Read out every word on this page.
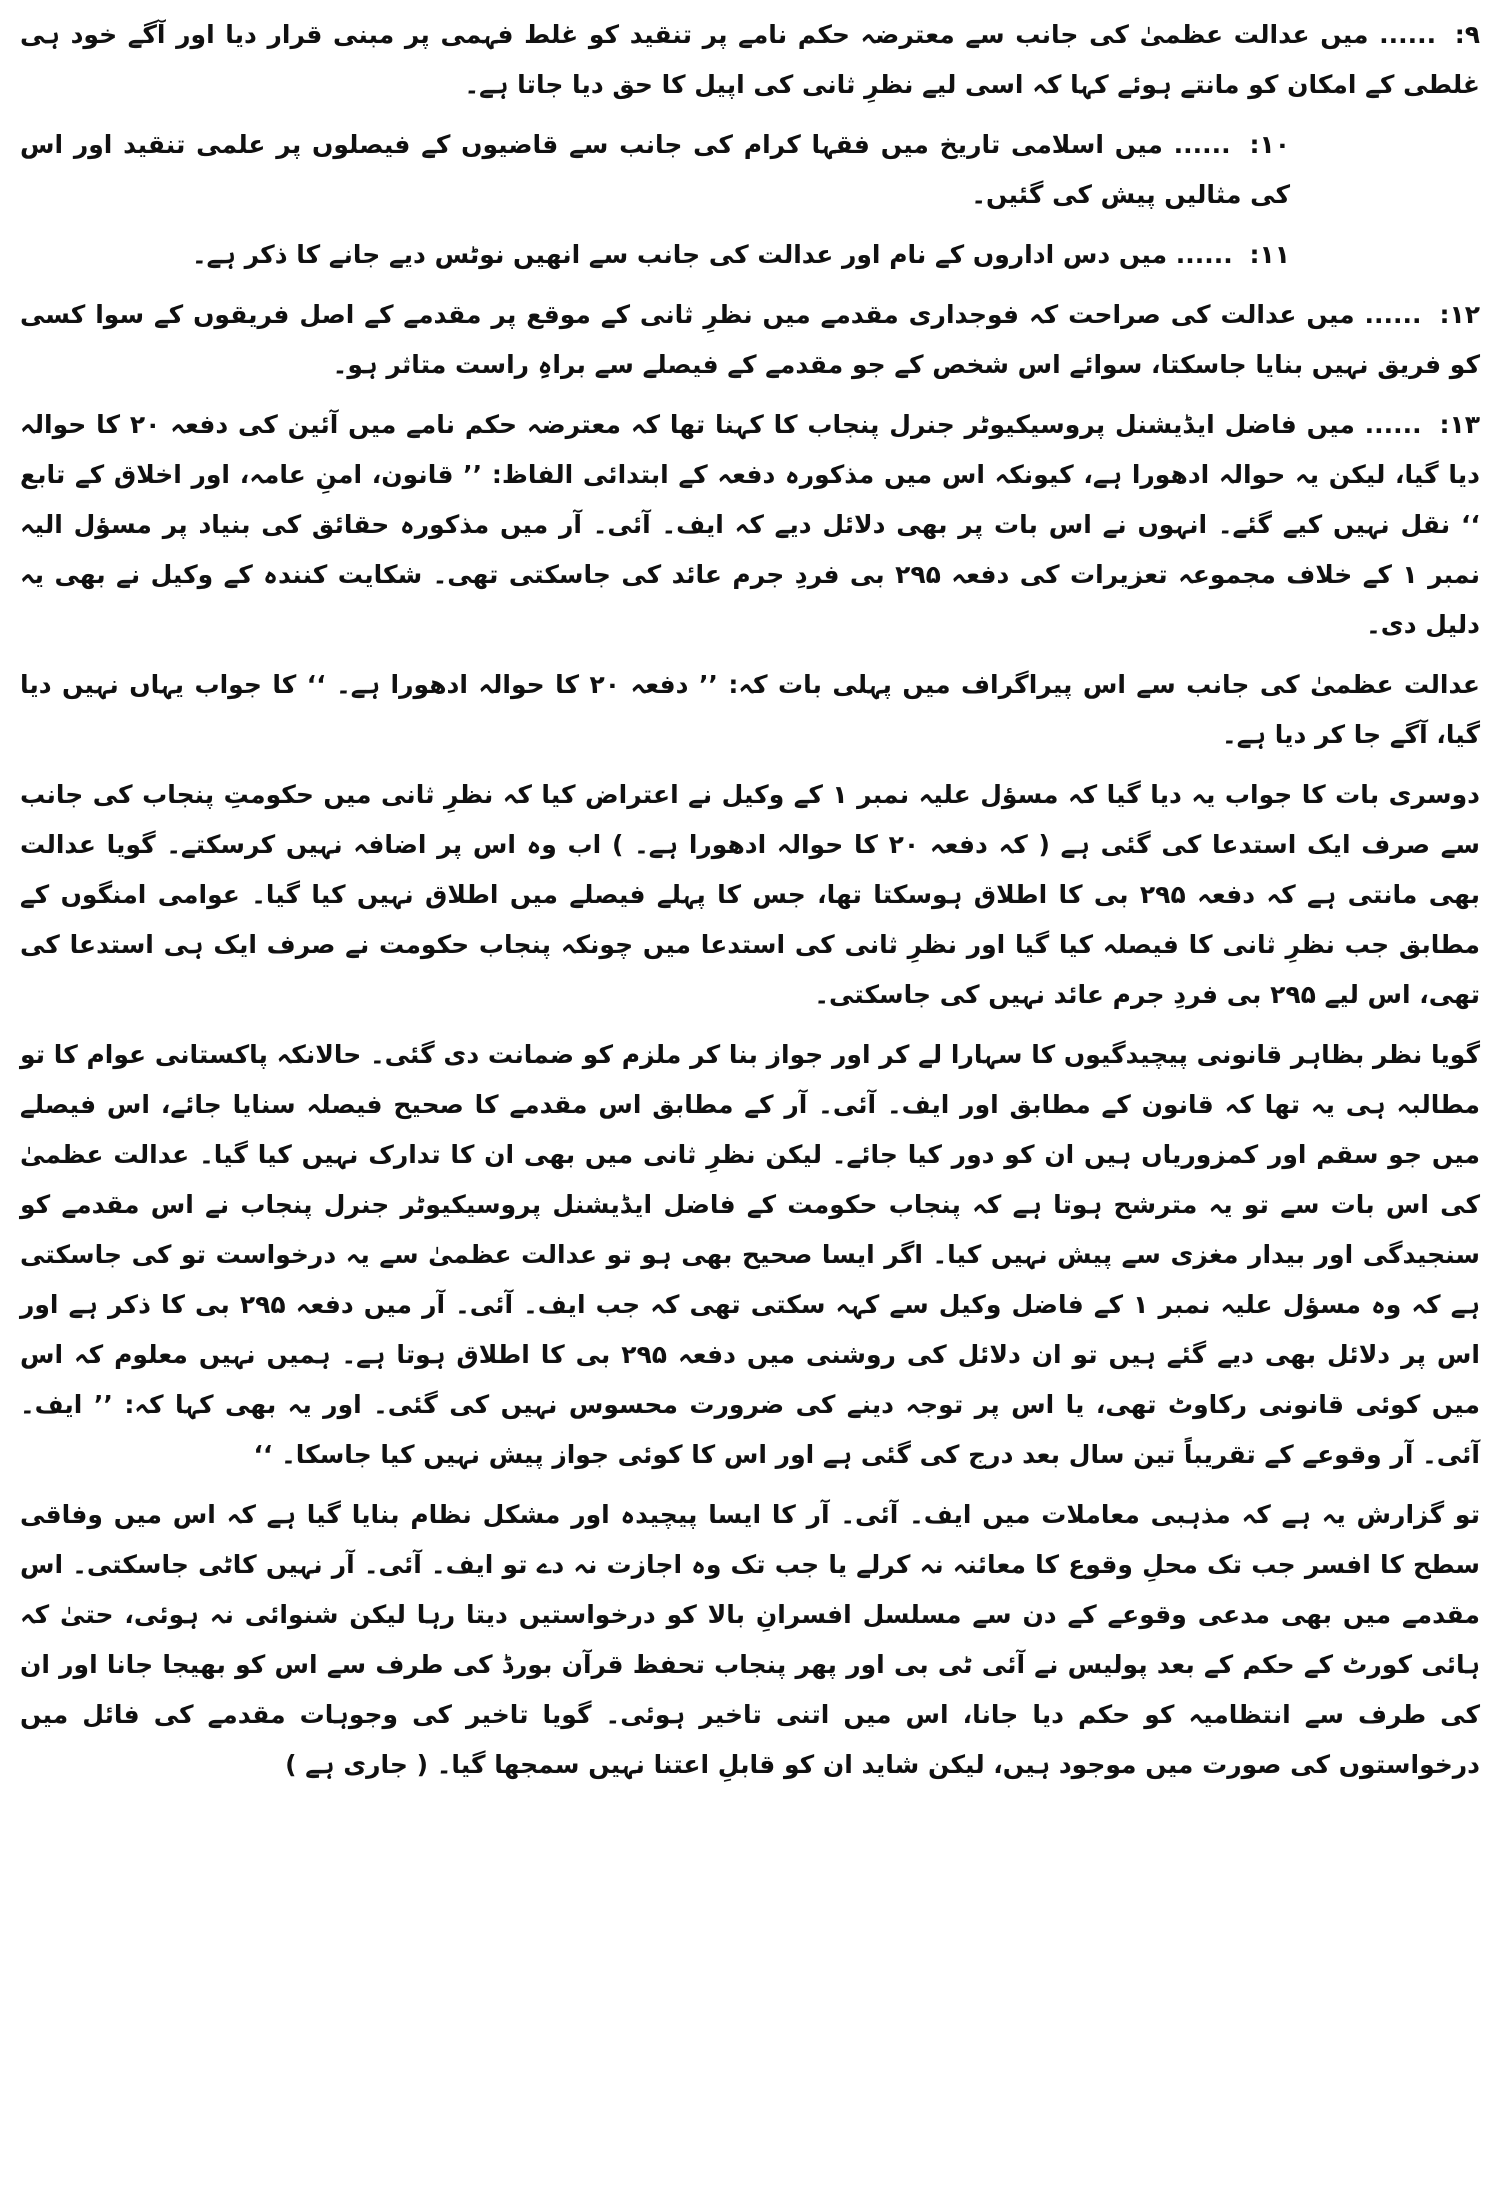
۹: ...... میں عدالت عظمیٰ کی جانب سے معترضہ حکم نامے پر تنقید کو غلط فہمی پر مبنی قرار دیا اور آگے خود ہی غلطی کے امکان کو مانتے ہوئے کہا کہ اسی لیے نظرِ ثانی کی اپیل کا حق دیا جاتا ہے۔

۱۰: ...... میں اسلامی تاریخ میں فقہا کرام کی جانب سے قاضیوں کے فیصلوں پر علمی تنقید اور اس کی مثالیں پیش کی گئیں۔

۱۱: ...... میں دس اداروں کے نام اور عدالت کی جانب سے انھیں نوٹس دیے جانے کا ذکر ہے۔

۱۲: ...... میں عدالت کی صراحت کہ فوجداری مقدمے میں نظرِ ثانی کے موقع پر مقدمے کے اصل فریقوں کے سوا کسی کو فریق نہیں بنایا جاسکتا، سوائے اس شخص کے جو مقدمے کے فیصلے سے براہِ راست متاثر ہو۔

۱۳: ...... میں فاضل ایڈیشنل پروسیکیوٹر جنرل پنجاب کا کہنا تھا کہ معترضہ حکم نامے میں آئین کی دفعہ ۲۰ کا حوالہ دیا گیا، لیکن یہ حوالہ ادھورا ہے، کیونکہ اس میں مذکورہ دفعہ کے ابتدائی الفاظ: ’’ قانون، امنِ عامہ، اور اخلاق کے تابع ‘‘ نقل نہیں کیے گئے۔ انہوں نے اس بات پر بھی دلائل دیے کہ ایف۔ آئی۔ آر میں مذکورہ حقائق کی بنیاد پر مسؤل الیہ نمبر ۱ کے خلاف مجموعہ تعزیرات کی دفعہ ۲۹۵ بی فردِ جرم عائد کی جاسکتی تھی۔ شکایت کنندہ کے وکیل نے بھی یہ دلیل دی۔

عدالت عظمیٰ کی جانب سے اس پیراگراف میں پہلی بات کہ: ’’ دفعہ ۲۰ کا حوالہ ادھورا ہے۔ ‘‘ کا جواب یہاں نہیں دیا گیا، آگے جا کر دیا ہے۔

دوسری بات کا جواب یہ دیا گیا کہ مسؤل علیہ نمبر ۱ کے وکیل نے اعتراض کیا کہ نظرِ ثانی میں حکومتِ پنجاب کی جانب سے صرف ایک استدعا کی گئی ہے ( کہ دفعہ ۲۰ کا حوالہ ادھورا ہے۔ ) اب وہ اس پر اضافہ نہیں کرسکتے۔ گویا عدالت بھی مانتی ہے کہ دفعہ ۲۹۵ بی کا اطلاق ہوسکتا تھا، جس کا پہلے فیصلے میں اطلاق نہیں کیا گیا۔ عوامی امنگوں کے مطابق جب نظرِ ثانی کا فیصلہ کیا گیا اور نظرِ ثانی کی استدعا میں چونکہ پنجاب حکومت نے صرف ایک ہی استدعا کی تھی، اس لیے ۲۹۵ بی فردِ جرم عائد نہیں کی جاسکتی۔

گویا نظر بظاہر قانونی پیچیدگیوں کا سہارا لے کر اور جواز بنا کر ملزم کو ضمانت دی گئی۔ حالانکہ پاکستانی عوام کا تو مطالبہ ہی یہ تھا کہ قانون کے مطابق اور ایف۔ آئی۔ آر کے مطابق اس مقدمے کا صحیح فیصلہ سنایا جائے، اس فیصلے میں جو سقم اور کمزوریاں ہیں ان کو دور کیا جائے۔ لیکن نظرِ ثانی میں بھی ان کا تدارک نہیں کیا گیا۔ عدالت عظمیٰ کی اس بات سے تو یہ مترشح ہوتا ہے کہ پنجاب حکومت کے فاضل ایڈیشنل پروسیکیوٹر جنرل پنجاب نے اس مقدمے کو سنجیدگی اور بیدار مغزی سے پیش نہیں کیا۔ اگر ایسا صحیح بھی ہو تو عدالت عظمیٰ سے یہ درخواست تو کی جاسکتی ہے کہ وہ مسؤل علیہ نمبر ۱ کے فاضل وکیل سے کہہ سکتی تھی کہ جب ایف۔ آئی۔ آر میں دفعہ ۲۹۵ بی کا ذکر ہے اور اس پر دلائل بھی دیے گئے ہیں تو ان دلائل کی روشنی میں دفعہ ۲۹۵ بی کا اطلاق ہوتا ہے۔ ہمیں نہیں معلوم کہ اس میں کوئی قانونی رکاوٹ تھی، یا اس پر توجہ دینے کی ضرورت محسوس نہیں کی گئی۔ اور یہ بھی کہا کہ: ’’ ایف۔ آئی۔ آر وقوعے کے تقریباً تین سال بعد درج کی گئی ہے اور اس کا کوئی جواز پیش نہیں کیا جاسکا۔ ‘‘

تو گزارش یہ ہے کہ مذہبی معاملات میں ایف۔ آئی۔ آر کا ایسا پیچیدہ اور مشکل نظام بنایا گیا ہے کہ اس میں وفاقی سطح کا افسر جب تک محلِ وقوع کا معائنہ نہ کرلے یا جب تک وہ اجازت نہ دے تو ایف۔ آئی۔ آر نہیں کاٹی جاسکتی۔ اس مقدمے میں بھی مدعی وقوعے کے دن سے مسلسل افسرانِ بالا کو درخواستیں دیتا رہا لیکن شنوائی نہ ہوئی، حتیٰ کہ ہائی کورٹ کے حکم کے بعد پولیس نے آئی ٹی بی اور پھر پنجاب تحفظ قرآن بورڈ کی طرف سے اس کو بھیجا جانا اور ان کی طرف سے انتظامیہ کو حکم دیا جانا، اس میں اتنی تاخیر ہوئی۔ گویا تاخیر کی وجوہات مقدمے کی فائل میں درخواستوں کی صورت میں موجود ہیں، لیکن شاید ان کو قابلِ اعتنا نہیں سمجھا گیا۔ ( جاری ہے )
